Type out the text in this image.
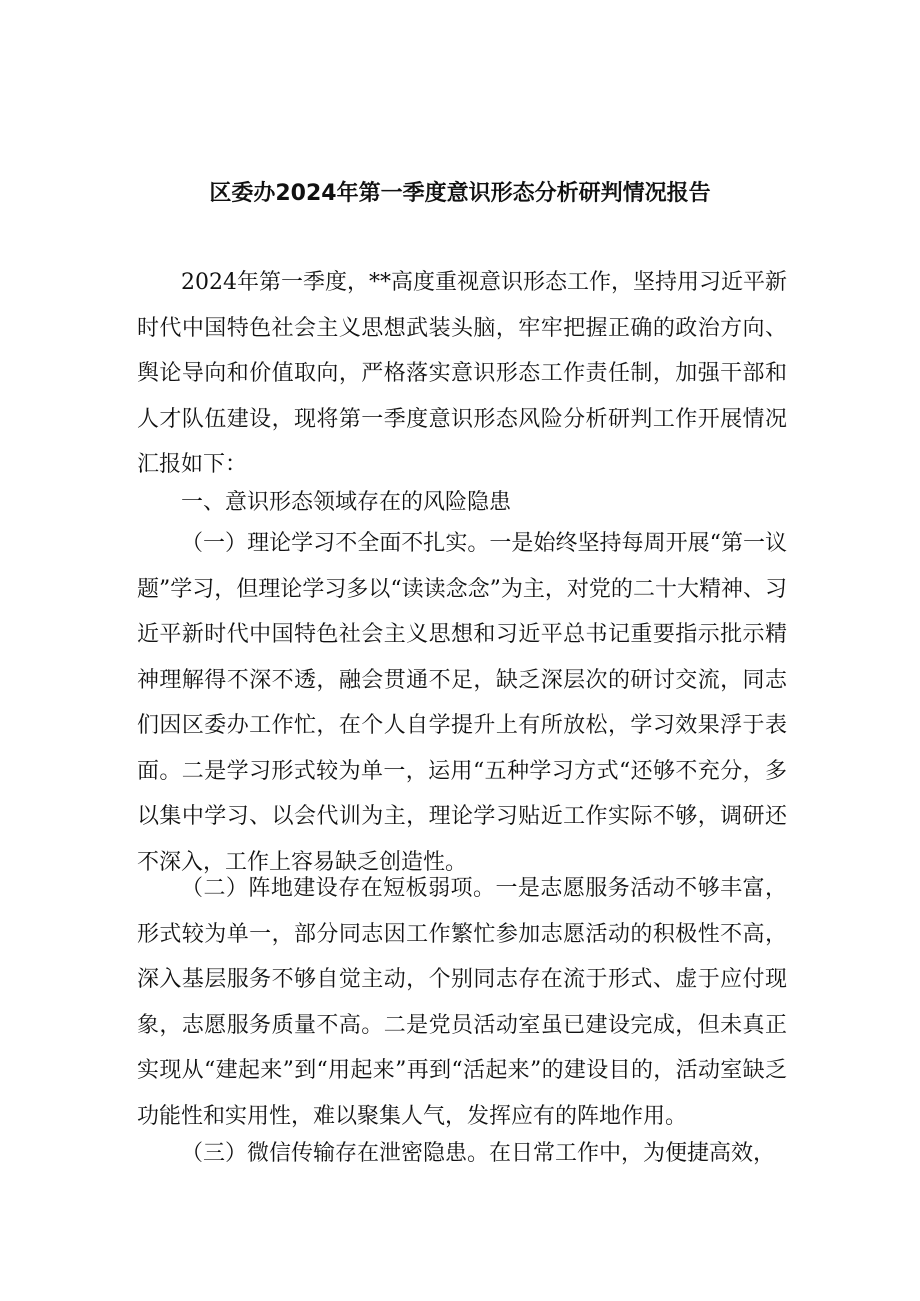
区委办2024年第一季度意识形态分析研判情况报告
2024年第一季度，**高度重视意识形态工作，坚持用习近平新时代中国特色社会主义思想武装头脑，牢牢把握正确的政治方向、舆论导向和价值取向，严格落实意识形态工作责任制，加强干部和人才队伍建设，现将第一季度意识形态风险分析研判工作开展情况汇报如下：
一、意识形态领域存在的风险隐患
（一）理论学习不全面不扎实。一是始终坚持每周开展“第一议题”学习，但理论学习多以“读读念念”为主，对党的二十大精神、习近平新时代中国特色社会主义思想和习近平总书记重要指示批示精神理解得不深不透，融会贯通不足，缺乏深层次的研讨交流，同志们因区委办工作忙，在个人自学提升上有所放松，学习效果浮于表面。二是学习形式较为单一，运用“五种学习方式“还够不充分，多以集中学习、以会代训为主，理论学习贴近工作实际不够，调研还不深入，工作上容易缺乏创造性。
（二）阵地建设存在短板弱项。一是志愿服务活动不够丰富，形式较为单一，部分同志因工作繁忙参加志愿活动的积极性不高，深入基层服务不够自觉主动，个别同志存在流于形式、虚于应付现象，志愿服务质量不高。二是党员活动室虽已建设完成，但未真正实现从“建起来”到“用起来”再到“活起来”的建设目的，活动室缺乏功能性和实用性，难以聚集人气，发挥应有的阵地作用。
（三）微信传输存在泄密隐患。在日常工作中，为便捷高效，
